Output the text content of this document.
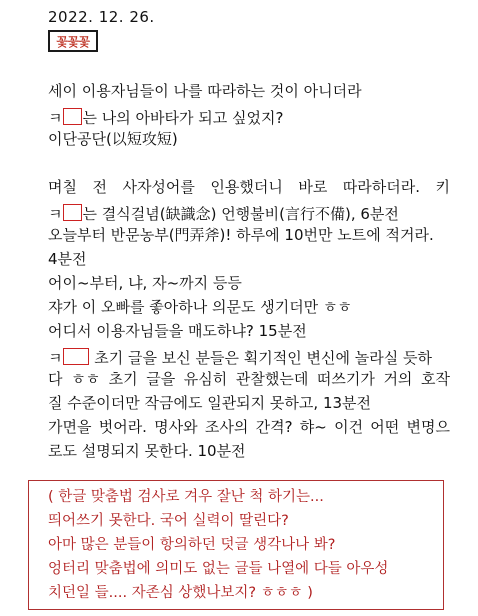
2022. 12. 26.
꽃꽃꽃
세이 이용자님들이 나를 따라하는 것이 아니더라
ㅋ 는 나의 아바타가 되고 싶었지?
이단공단(以短攻短)
며칠 전 사자성어를 인용했더니 바로 따라하더라. 키
ㅋ 는 결식걸념(缺識念) 언행불비(言行不備), 6분전
오늘부터 반문농부(門弄斧)! 하루에 10번만 노트에 적거라.
4분전
어이~부터, 냐, 자~까지 등등
쟈가 이 오빠를 좋아하나 의문도 생기더만 ㅎㅎ
어디서 이용자님들을 매도하냐? 15분전
ㅋ 초기 글을 보신 분들은 획기적인 변신에 놀라실 듯하
다 ㅎㅎ 초기 글을 유심히 관찰했는데 떠쓰기가 거의 호작
질 수준이더만 작금에도 일관되지 못하고, 13분전
가면을 벗어라. 명사와 조사의 간격? 햐~ 이건 어떤 변명으
로도 설명되지 못한다. 10분전
( 한글 맞춤법 검사로 겨우 잘난 척 하기는...
띄어쓰기 못한다. 국어 실력이 딸린다?
아마 많은 분들이 항의하던 덧글 생각나나 봐?
엉터리 맞춤법에 의미도 없는 글들 나열에 다들 아우성
치던일 들.... 자존심 상했나보지? ㅎㅎㅎ )
